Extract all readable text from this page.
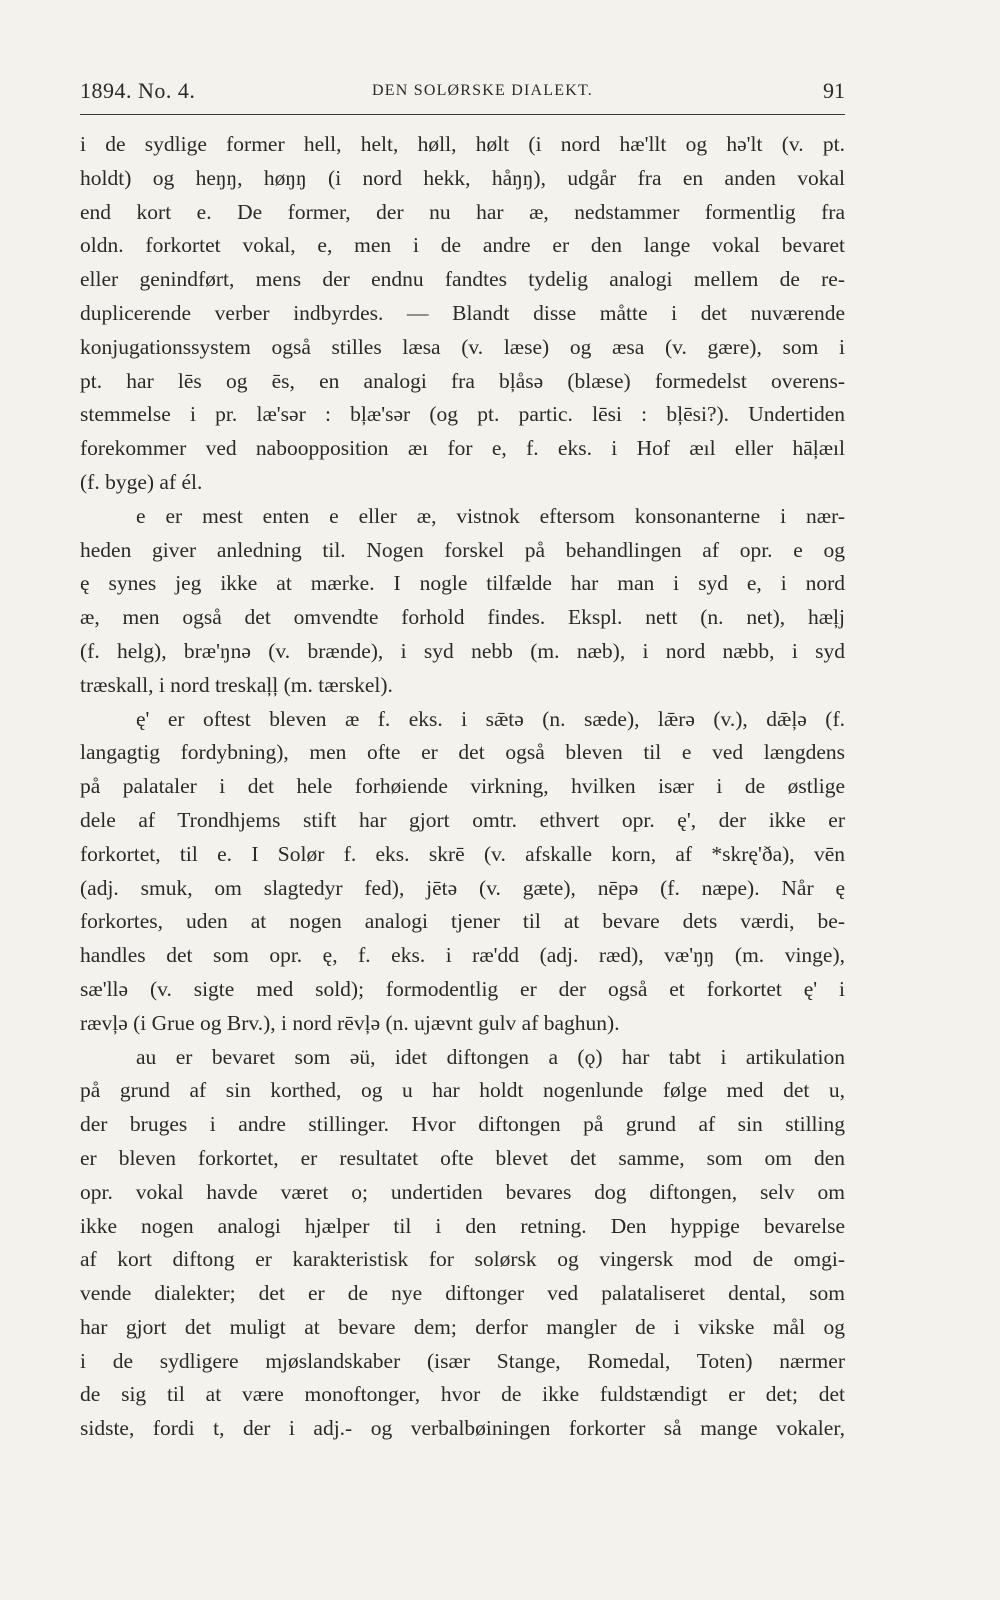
1894. No. 4.	DEN SOLØRSKE DIALEKT.	91
i de sydlige former hell, helt, høll, hølt (i nord hæ'llt og hə'lt (v. pt.
holdt) og heŋŋ, høŋŋ (i nord hekk, håŋŋ), udgår fra en anden vokal
end kort e. De former, der nu har æ, nedstammer formentlig fra
oldn. forkortet vokal, e, men i de andre er den lange vokal bevaret
eller genindført, mens der endnu fandtes tydelig analogi mellem de re-
duplicerende verber indbyrdes. — Blandt disse måtte i det nuværende
konjugationssystem også stilles læsa (v. læse) og æsa (v. gære), som i
pt. har lēs og ēs, en analogi fra bļåsə (blæse) formedelst overens-
stemmelse i pr. læ'sər : bļæ'sər (og pt. partic. lēsi : bļēsi?). Undertiden
forekommer ved naboopposition æı for e, f. eks. i Hof æıl eller hāļæıl
(f. byge) af él.
e er mest enten e eller æ, vistnok eftersom konsonanterne i nær-
heden giver anledning til. Nogen forskel på behandlingen af opr. e og
ę synes jeg ikke at mærke. I nogle tilfælde har man i syd e, i nord
æ, men også det omvendte forhold findes. Ekspl. nett (n. net), hæļj
(f. helg), bræ'ŋnə (v. brænde), i syd nebb (m. næb), i nord næbb, i syd
træskall, i nord treskaļļ (m. tærskel).
ę' er oftest bleven æ f. eks. i sǣtə (n. sæde), lǣrə (v.), dǣļə (f.
langagtig fordybning), men ofte er det også bleven til e ved længdens
på palataler i det hele forhøiende virkning, hvilken især i de østlige
dele af Trondhjems stift har gjort omtr. ethvert opr. ę', der ikke er
forkortet, til e. I Solør f. eks. skrē (v. afskalle korn, af *skrę'ða), vēn
(adj. smuk, om slagtedyr fed), jētə (v. gæte), nēpə (f. næpe). Når ę
forkortes, uden at nogen analogi tjener til at bevare dets værdi, be-
handles det som opr. ę, f. eks. i ræ'dd (adj. ræd), væ'ŋŋ (m. vinge),
sæ'llə (v. sigte med sold); formodentlig er der også et forkortet ę' i
rævļə (i Grue og Brv.), i nord rēvļə (n. ujævnt gulv af baghun).
au er bevaret som əü, idet diftongen a (ǫ) har tabt i artikulation
på grund af sin korthed, og u har holdt nogenlunde følge med det u,
der bruges i andre stillinger. Hvor diftongen på grund af sin stilling
er bleven forkortet, er resultatet ofte blevet det samme, som om den
opr. vokal havde været o; undertiden bevares dog diftongen, selv om
ikke nogen analogi hjælper til i den retning. Den hyppige bevarelse
af kort diftong er karakteristisk for solørsk og vingersk mod de omgi-
vende dialekter; det er de nye diftonger ved palataliseret dental, som
har gjort det muligt at bevare dem; derfor mangler de i vikske mål og
i de sydligere mjøslandskaber (især Stange, Romedal, Toten) nærmer
de sig til at være monoftonger, hvor de ikke fuldstændigt er det; det
sidste, fordi t, der i adj.- og verbalbøiningen forkorter så mange vokaler,
